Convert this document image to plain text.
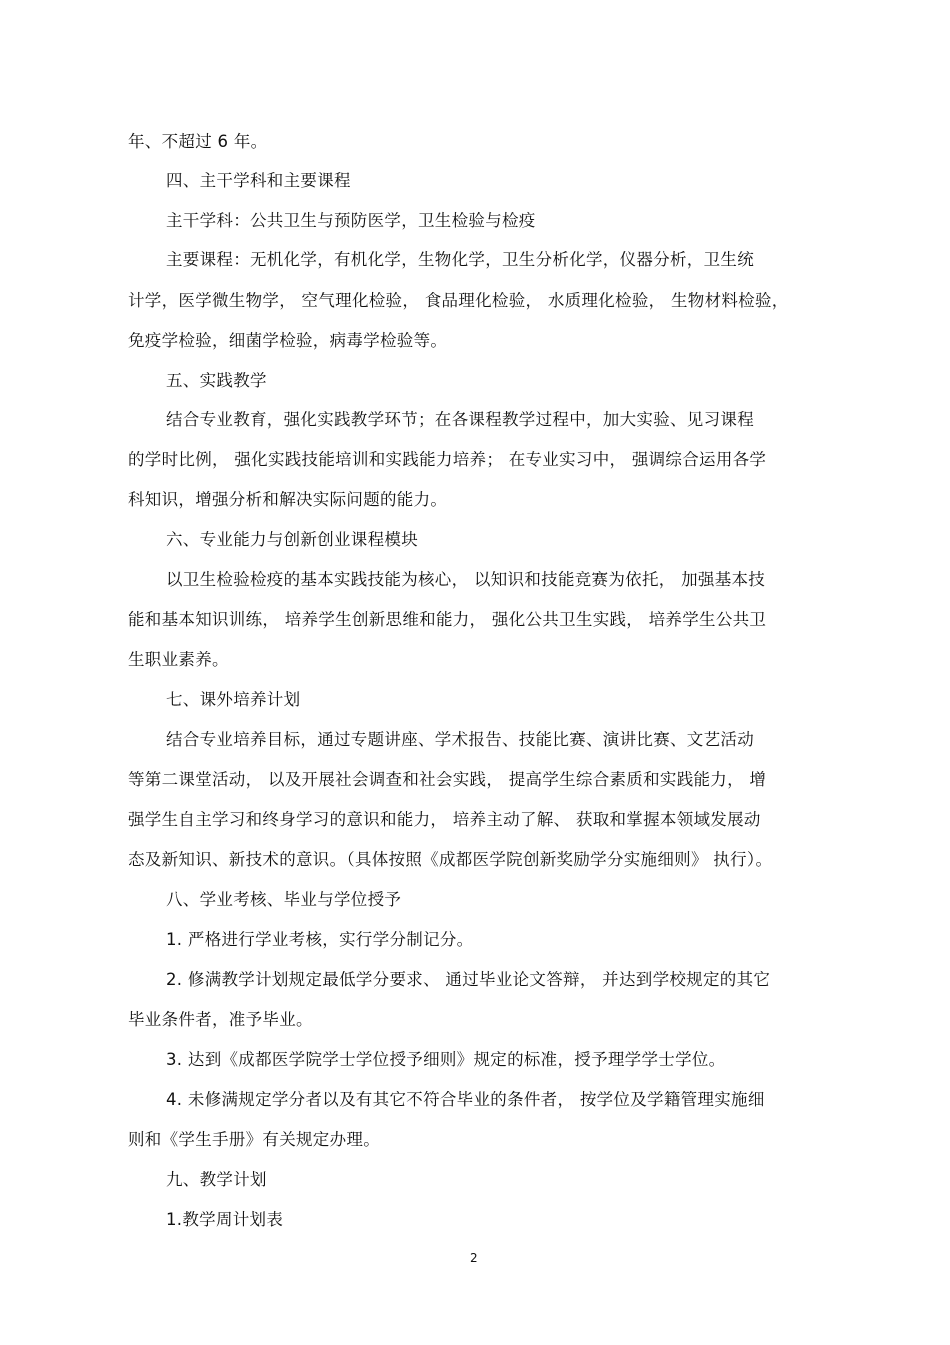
年、不超过 6 年。
四、主干学科和主要课程
主干学科：公共卫生与预防医学，卫生检验与检疫
主要课程：无机化学，有机化学，生物化学，卫生分析化学，仪器分析，卫生统
计学，医学微生物学， 空气理化检验， 食品理化检验， 水质理化检验， 生物材料检验，
免疫学检验，细菌学检验，病毒学检验等。
五、实践教学
结合专业教育，强化实践教学环节；在各课程教学过程中，加大实验、见习课程
的学时比例， 强化实践技能培训和实践能力培养； 在专业实习中， 强调综合运用各学
科知识，增强分析和解决实际问题的能力。
六、专业能力与创新创业课程模块
以卫生检验检疫的基本实践技能为核心， 以知识和技能竞赛为依托， 加强基本技
能和基本知识训练， 培养学生创新思维和能力， 强化公共卫生实践， 培养学生公共卫
生职业素养。
七、课外培养计划
结合专业培养目标，通过专题讲座、学术报告、技能比赛、演讲比赛、文艺活动
等第二课堂活动， 以及开展社会调查和社会实践， 提高学生综合素质和实践能力， 增
强学生自主学习和终身学习的意识和能力， 培养主动了解、 获取和掌握本领域发展动
态及新知识、新技术的意识。（具体按照《成都医学院创新奖励学分实施细则》 执行）。
八、学业考核、毕业与学位授予
1. 严格进行学业考核，实行学分制记分。
2. 修满教学计划规定最低学分要求、 通过毕业论文答辩， 并达到学校规定的其它
毕业条件者，准予毕业。
3. 达到《成都医学院学士学位授予细则》规定的标准，授予理学学士学位。
4. 未修满规定学分者以及有其它不符合毕业的条件者， 按学位及学籍管理实施细
则和《学生手册》有关规定办理。
九、教学计划
1.教学周计划表
2
